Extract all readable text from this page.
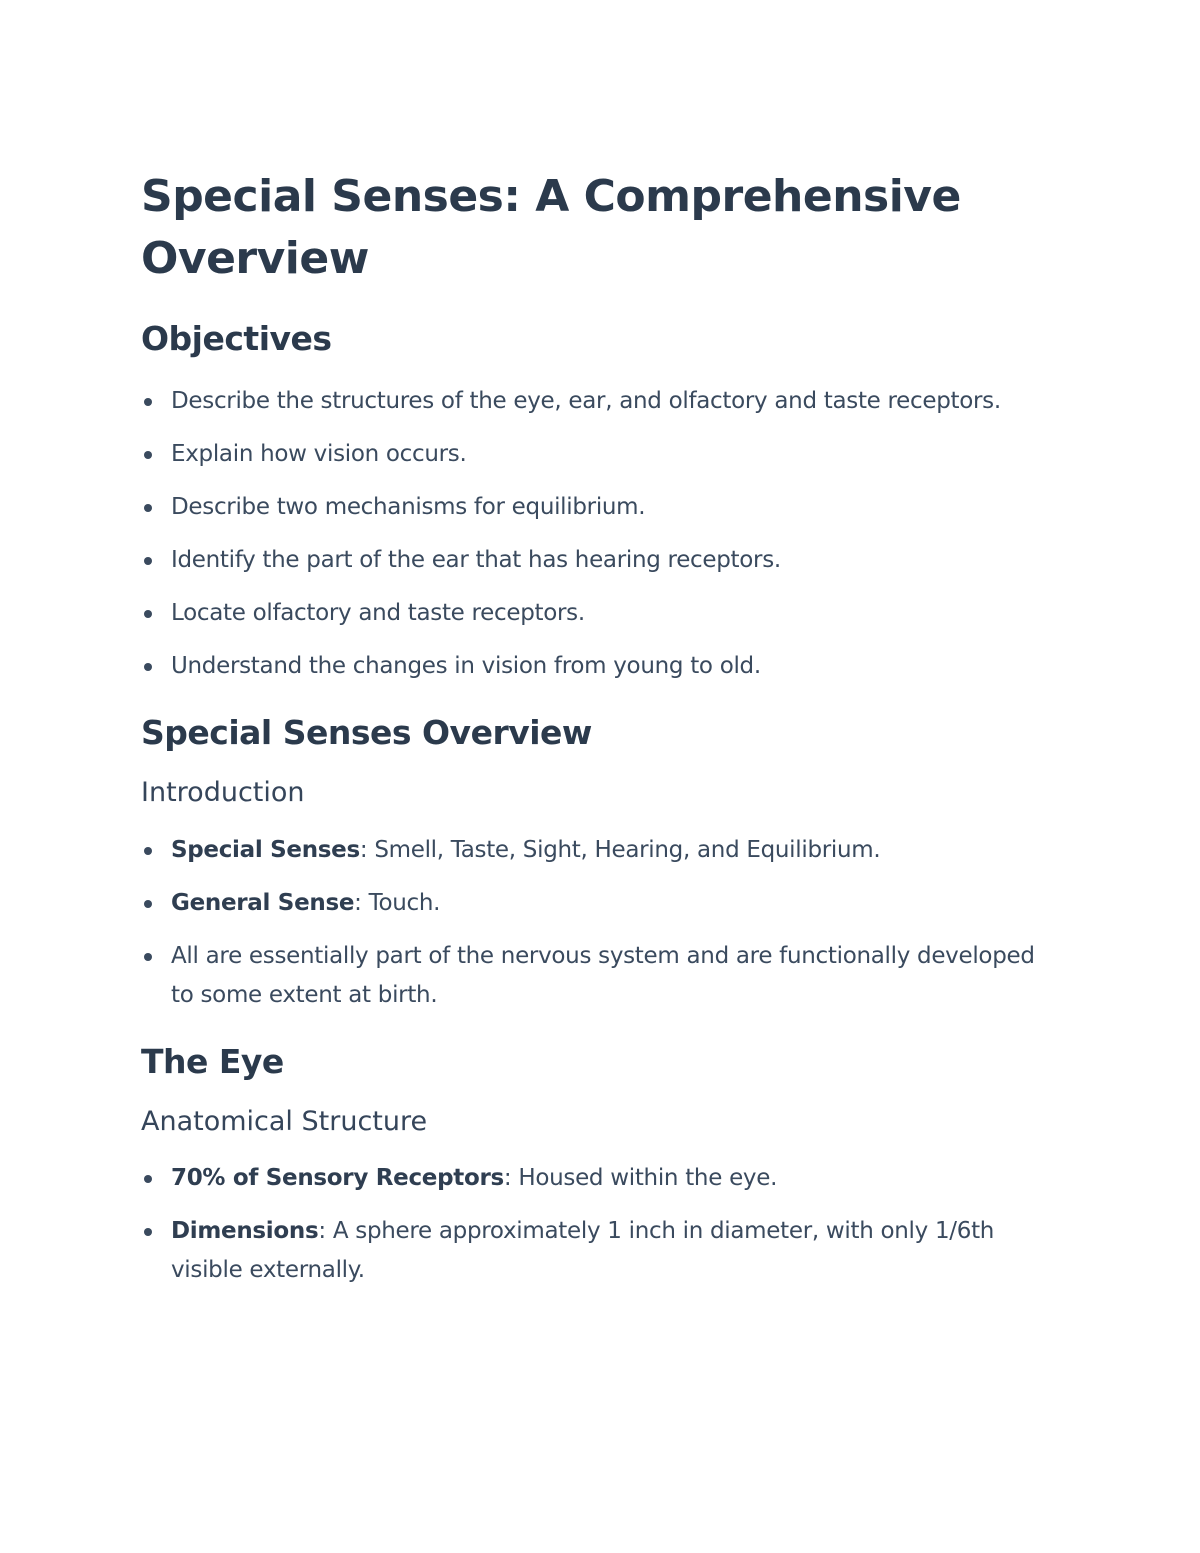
Special Senses: A Comprehensive Overview
Objectives
Describe the structures of the eye, ear, and olfactory and taste receptors.
Explain how vision occurs.
Describe two mechanisms for equilibrium.
Identify the part of the ear that has hearing receptors.
Locate olfactory and taste receptors.
Understand the changes in vision from young to old.
Special Senses Overview
Introduction
Special Senses: Smell, Taste, Sight, Hearing, and Equilibrium.
General Sense: Touch.
All are essentially part of the nervous system and are functionally developed to some extent at birth.
The Eye
Anatomical Structure
70% of Sensory Receptors: Housed within the eye.
Dimensions: A sphere approximately 1 inch in diameter, with only 1/6th visible externally.
